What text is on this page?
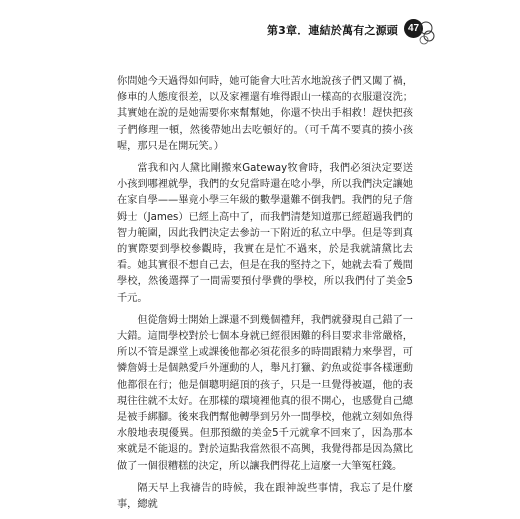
第3章．連結於萬有之源頭 47

你問她今天過得如何時，她可能會大吐苦水地說孩子們又闖了禍，修車的人態度很差，以及家裡還有堆得跟山一樣高的衣服還沒洗；其實她在說的是她需要你來幫幫她，你還不快出手相救！趕快把孩子們修理一頓，然後帶她出去吃頓好的。（可千萬不要真的揍小孩喔，那只是在開玩笑。）

當我和內人黛比剛搬來Gateway牧會時，我們必須決定要送小孩到哪裡就學，我們的女兒當時還在唸小學，所以我們決定讓她在家自學——畢竟小學三年級的數學還難不倒我們。我們的兒子詹姆士（James）已經上高中了，而我們清楚知道那已經超過我們的智力範圍，因此我們決定去參訪一下附近的私立中學。但是等到真的實際要到學校參觀時，我實在是忙不過來，於是我就請黛比去看。她其實很不想自己去，但是在我的堅持之下，她就去看了幾間學校，然後選擇了一間需要預付學費的學校，所以我們付了美金5千元。

但從詹姆士開始上課還不到幾個禮拜，我們就發現自己錯了一大錯。這間學校對於七個本身就已經很困難的科目要求非常嚴格，所以不管是課堂上或課後他都必須花很多的時間跟精力來學習，可憐詹姆士是個熱愛戶外運動的人，舉凡打獵、釣魚或從事各樣運動他都很在行；他是個聰明絕頂的孩子，只是一旦覺得被逼，他的表現往往就不太好。在那樣的環境裡他真的很不開心，也感覺自己總是被手綁腳。後來我們幫他轉學到另外一間學校，他就立刻如魚得水般地表現優異。但那預繳的美金5千元就拿不回來了，因為那本來就是不能退的。對於這點我當然很不高興，我覺得都是因為黛比做了一個很糟糕的決定，所以讓我們得花上這麼一大筆冤枉錢。

隔天早上我禱告的時候，我在跟神說些事情，我忘了是什麼事，總就
